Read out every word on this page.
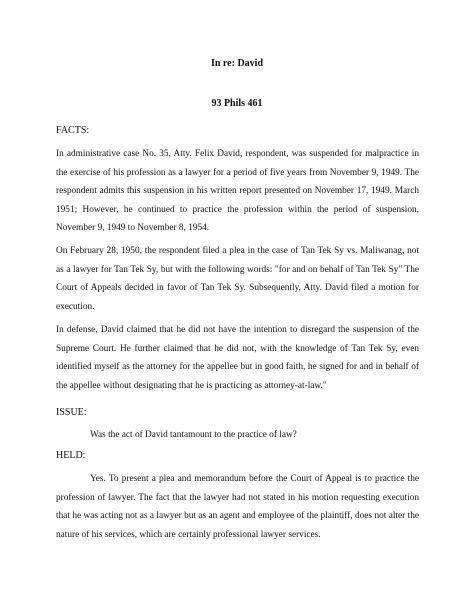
In re: David
93 Phils 461
FACTS:

In administrative case No. 35, Atty. Felix David, respondent, was suspended for malpractice in the exercise of his profession as a lawyer for a period of five years from November 9, 1949. The respondent admits this suspension in his written report presented on November 17, 1949. March 1951; However, he continued to practice the profession within the period of suspension, November 9, 1949 to November 8, 1954.

On February 28, 1950, the respondent filed a plea in the case of Tan Tek Sy vs. Maliwanag, not as a lawyer for Tan Tek Sy, but with the following words: "for and on behalf of Tan Tek Sy" The Court of Appeals decided in favor of Tan Tek Sy. Subsequently, Atty. David filed a motion for execution.

In defense, David claimed that he did not have the intention to disregard the suspension of the Supreme Court. He further claimed that he did not, with the knowledge of Tan Tek Sy, even identified myself as the attorney for the appellee but in good faith, he signed for and in behalf of the appellee without designating that he is practicing as attorney-at-law."

ISSUE:

Was the act of David tantamount to the practice of law?

HELD:

Yes. To present a plea and memorandum before the Court of Appeal is to practice the profession of lawyer. The fact that the lawyer had not stated in his motion requesting execution that he was acting not as a lawyer but as an agent and employee of the plaintiff, does not alter the nature of his services, which are certainly professional lawyer services.
